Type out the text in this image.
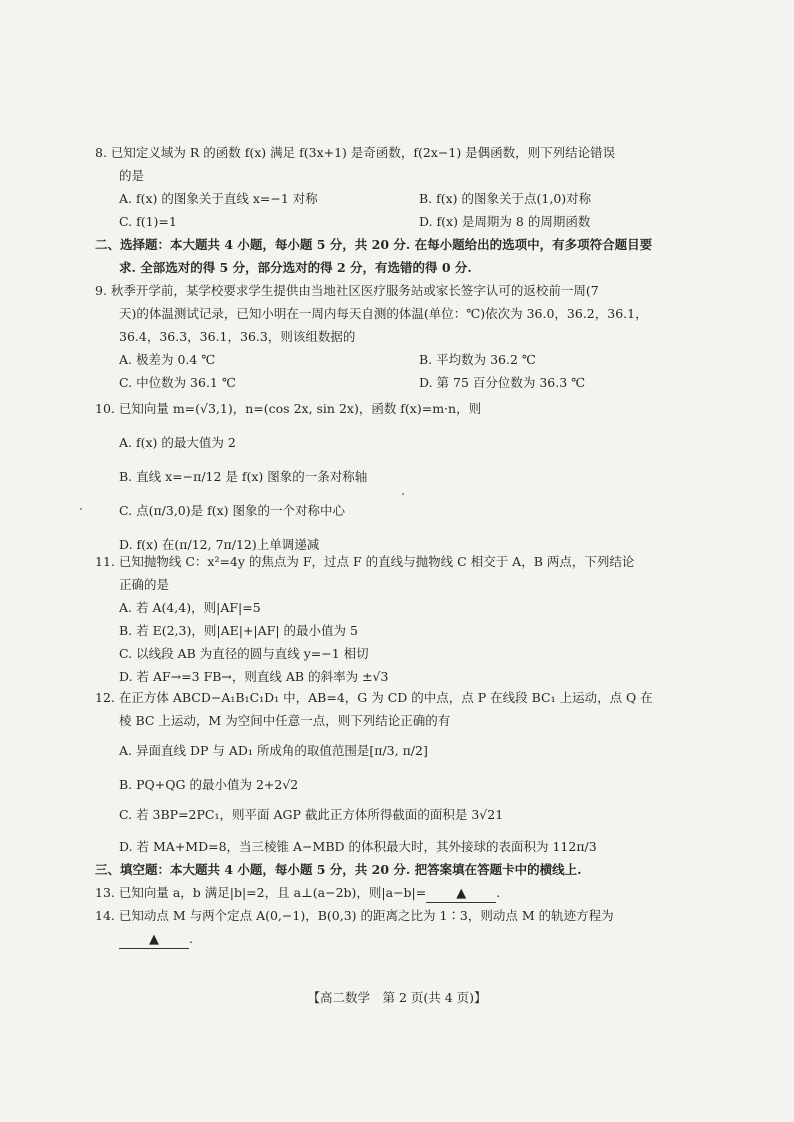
8. 已知定义域为 R 的函数 f(x) 满足 f(3x+1) 是奇函数，f(2x−1) 是偶函数，则下列结论错误
的是
A. f(x) 的图象关于直线 x=−1 对称	B. f(x) 的图象关于点(1,0)对称
C. f(1)=1	D. f(x) 是周期为 8 的周期函数
二、选择题：本大题共 4 小题，每小题 5 分，共 20 分. 在每小题给出的选项中，有多项符合题目要
求. 全部选对的得 5 分，部分选对的得 2 分，有选错的得 0 分.
9. 秋季开学前，某学校要求学生提供由当地社区医疗服务站或家长签字认可的返校前一周(7
天)的体温测试记录，已知小明在一周内每天自测的体温(单位：℃)依次为 36.0，36.2，36.1，
36.4，36.3，36.1，36.3，则该组数据的
A. 极差为 0.4 ℃	B. 平均数为 36.2 ℃
C. 中位数为 36.1 ℃	D. 第 75 百分位数为 36.3 ℃
10. 已知向量 m=(√3,1)，n=(cos 2x, sin 2x)，函数 f(x)=m·n，则
A. f(x) 的最大值为 2
B. 直线 x=−π/12 是 f(x) 图象的一条对称轴
C. 点(π/3,0)是 f(x) 图象的一个对称中心
D. f(x) 在(π/12, 7π/12)上单调递减
11. 已知抛物线 C：x²=4y 的焦点为 F，过点 F 的直线与抛物线 C 相交于 A，B 两点，下列结论
正确的是
A. 若 A(4,4)，则|AF|=5
B. 若 E(2,3)，则|AE|+|AF| 的最小值为 5
C. 以线段 AB 为直径的圆与直线 y=−1 相切
D. 若 AF→=3 FB→，则直线 AB 的斜率为 ±√3
12. 在正方体 ABCD−A₁B₁C₁D₁ 中，AB=4，G 为 CD 的中点，点 P 在线段 BC₁ 上运动，点 Q 在
棱 BC 上运动，M 为空间中任意一点，则下列结论正确的有
A. 异面直线 DP 与 AD₁ 所成角的取值范围是[π/3, π/2]
B. PQ+QG 的最小值为 2+2√2
C. 若 3BP=2PC₁，则平面 AGP 截此正方体所得截面的面积是 3√21
D. 若 MA+MD=8，当三棱锥 A−MBD 的体积最大时，其外接球的表面积为 112π/3
三、填空题：本大题共 4 小题，每小题 5 分，共 20 分. 把答案填在答题卡中的横线上.
13. 已知向量 a，b 满足|b|=2，且 a⊥(a−2b)，则|a−b|= ▲ .
14. 已知动点 M 与两个定点 A(0,−1)，B(0,3) 的距离之比为 1∶3，则动点 M 的轨迹方程为
▲ .
【高二数学　第 2 页(共 4 页)】
